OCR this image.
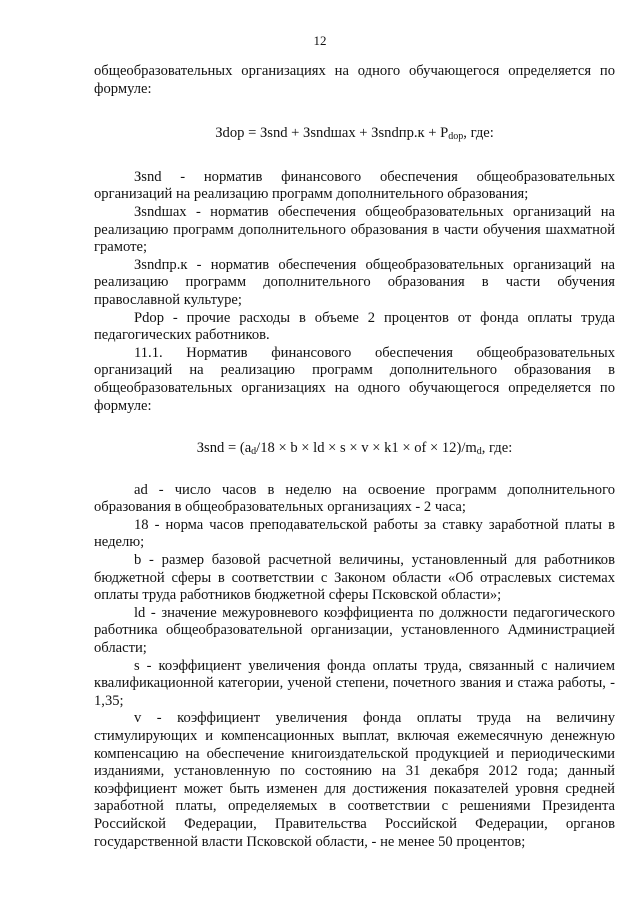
12

общеобразовательных организациях на одного обучающегося определяется по формуле:

Зdop = Зsnd + Зsndшах + Зsndпр.к + $P_{dop}$, где:

Зsnd - норматив финансового обеспечения общеобразовательных организаций на реализацию программ дополнительного образования;

Зsndшах - норматив обеспечения общеобразовательных организаций на реализацию программ дополнительного образования в части обучения шахматной грамоте;

Зsndпр.к - норматив обеспечения общеобразовательных организаций на реализацию программ дополнительного образования в части обучения православной культуре;

Pdop - прочие расходы в объеме 2 процентов от фонда оплаты труда педагогических работников.

11.1. Норматив финансового обеспечения общеобразовательных организаций на реализацию программ дополнительного образования в общеобразовательных организациях на одного обучающегося определяется по формуле:

Зsnd = ($a_d/18 \times b$ × ld × s × v × k1 × of × $12)/m_d$, где:

ad - число часов в неделю на освоение программ дополнительного образования в общеобразовательных организациях - 2 часа;

18 - норма часов преподавательской работы за ставку заработной платы в неделю;

b - размер базовой расчетной величины, установленный для работников бюджетной сферы в соответствии с Законом области «Об отраслевых системах оплаты труда работников бюджетной сферы Псковской области»;

ld - значение межуровневого коэффициента по должности педагогического работника общеобразовательной организации, установленного Администрацией области;

s - коэффициент увеличения фонда оплаты труда, связанный с наличием квалификационной категории, ученой степени, почетного звания и стажа работы, - 1,35;

v - коэффициент увеличения фонда оплаты труда на величину стимулирующих и компенсационных выплат, включая ежемесячную денежную компенсацию на обеспечение книгоиздательской продукцией и периодическими изданиями, установленную по состоянию на 31 декабря 2012 года; данный коэффициент может быть изменен для достижения показателей уровня средней заработной платы, определяемых в соответствии с решениями Президента Российской Федерации, Правительства Российской Федерации, органов государственной власти Псковской области, - не менее 50 процентов;
